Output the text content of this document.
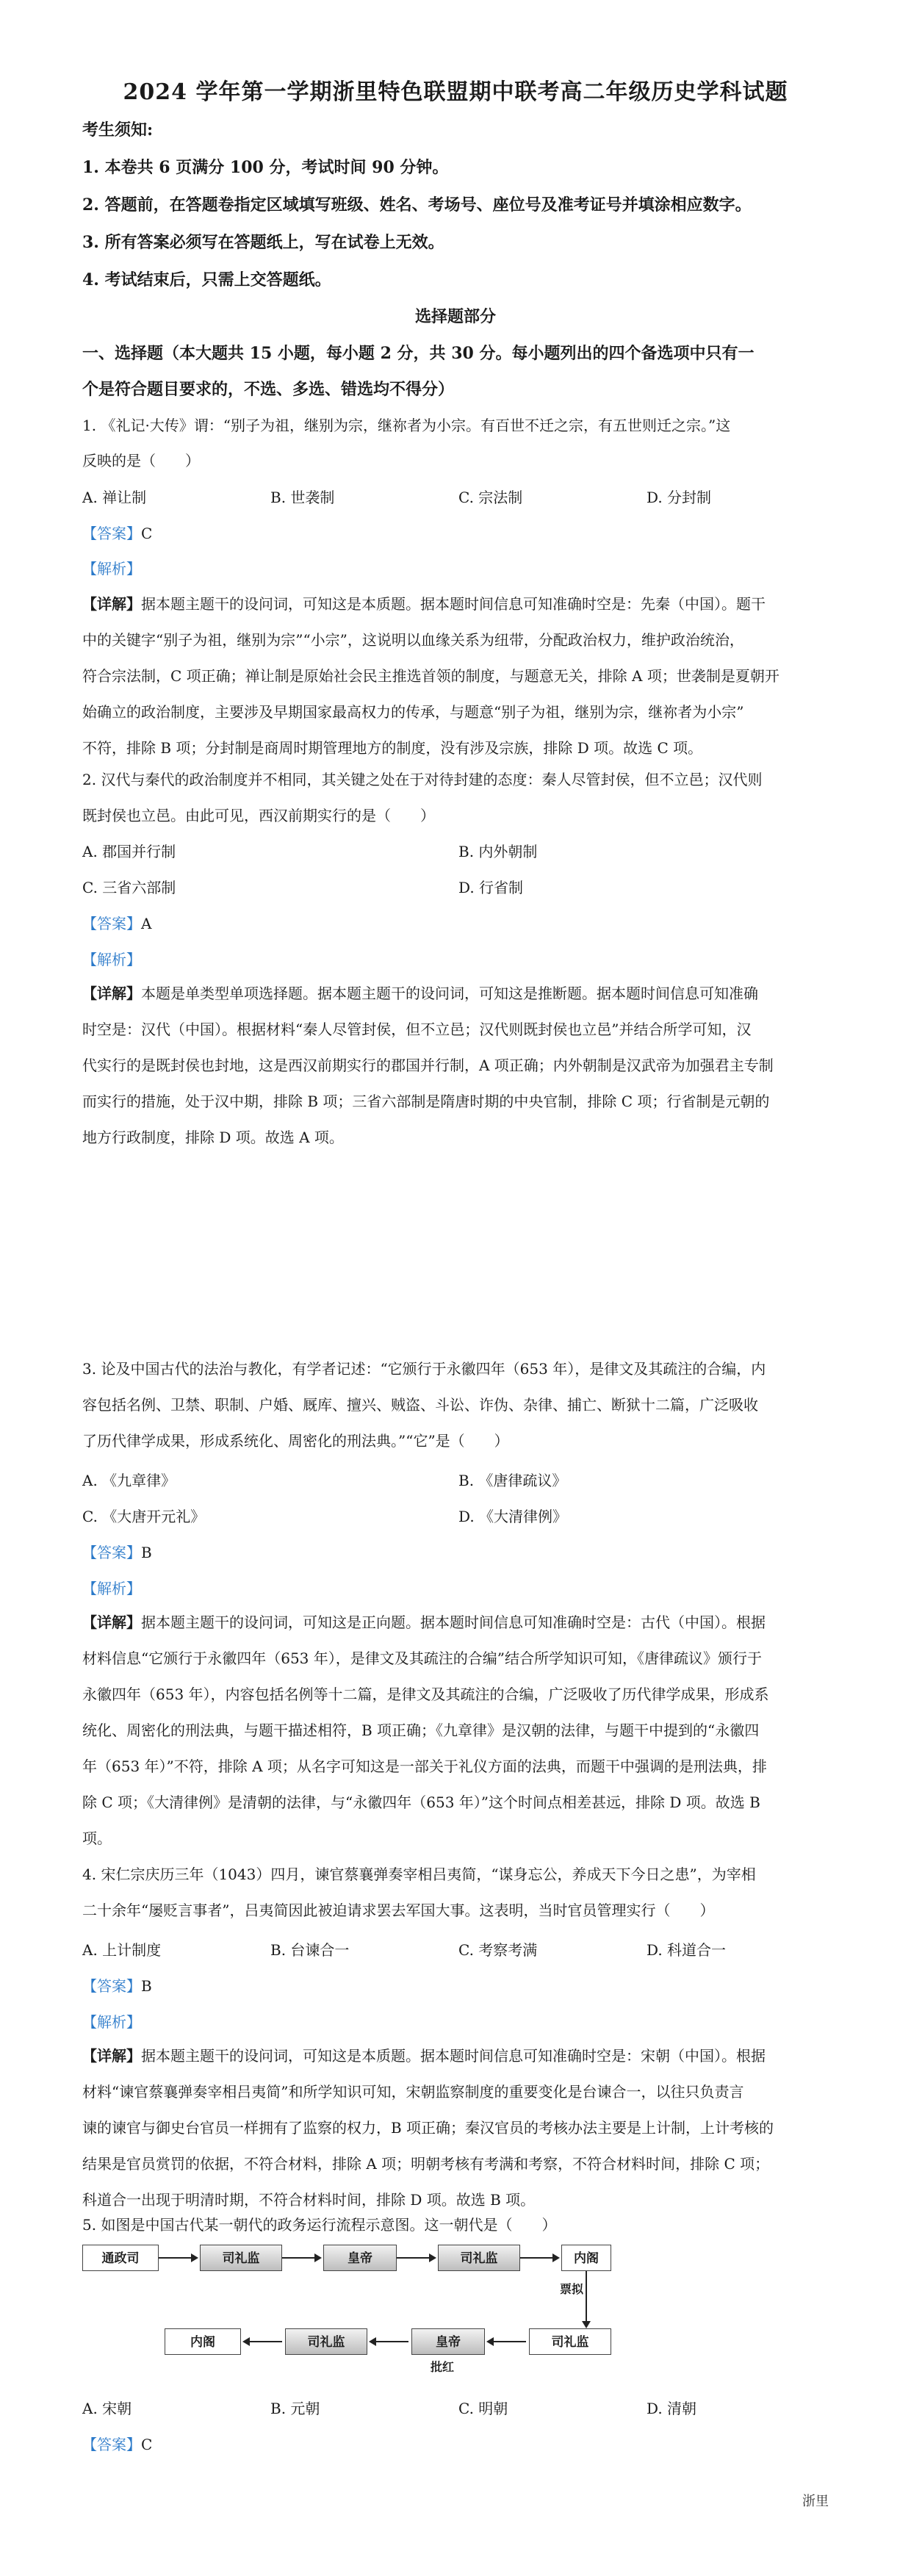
2024 学年第一学期浙里特色联盟期中联考高二年级历史学科试题
考生须知:
1. 本卷共 6 页满分 100 分，考试时间 90 分钟。
2. 答题前，在答题卷指定区域填写班级、姓名、考场号、座位号及准考证号并填涂相应数字。
3. 所有答案必须写在答题纸上，写在试卷上无效。
4. 考试结束后，只需上交答题纸。
选择题部分
一、选择题（本大题共 15 小题，每小题 2 分，共 30 分。每小题列出的四个备选项中只有一
个是符合题目要求的，不选、多选、错选均不得分）
1. 《礼记·大传》谓：“别子为祖，继别为宗，继祢者为小宗。有百世不迁之宗，有五世则迁之宗。”这
反映的是（　　）
A. 禅让制	B. 世袭制	C. 宗法制	D. 分封制
【答案】C
【解析】

【详解】据本题主题干的设问词，可知这是本质题。据本题时间信息可知准确时空是：先秦（中国）。题干

中的关键字“别子为祖，继别为宗”“小宗”，这说明以血缘关系为纽带，分配政治权力，维护政治统治，

符合宗法制，C 项正确；禅让制是原始社会民主推选首领的制度，与题意无关，排除 A 项；世袭制是夏朝开

始确立的政治制度，主要涉及早期国家最高权力的传承，与题意“别子为祖，继别为宗，继祢者为小宗”

不符，排除 B 项；分封制是商周时期管理地方的制度，没有涉及宗族，排除 D 项。故选 C 项。

2. 汉代与秦代的政治制度并不相同，其关键之处在于对待封建的态度：秦人尽管封侯，但不立邑；汉代则
既封侯也立邑。由此可见，西汉前期实行的是（　　）
A. 郡国并行制	B. 内外朝制
C. 三省六部制	D. 行省制
【答案】A
【解析】

【详解】本题是单类型单项选择题。据本题主题干的设问词，可知这是推断题。据本题时间信息可知准确

时空是：汉代（中国）。根据材料“秦人尽管封侯，但不立邑；汉代则既封侯也立邑”并结合所学可知，汉

代实行的是既封侯也封地，这是西汉前期实行的郡国并行制，A 项正确；内外朝制是汉武帝为加强君主专制

而实行的措施，处于汉中期，排除 B 项；三省六部制是隋唐时期的中央官制，排除 C 项；行省制是元朝的

地方行政制度，排除 D 项。故选 A 项。

3. 论及中国古代的法治与教化，有学者记述：“它颁行于永徽四年（653 年），是律文及其疏注的合编，内

容包括名例、卫禁、职制、户婚、厩库、擅兴、贼盗、斗讼、诈伪、杂律、捕亡、断狱十二篇，广泛吸收

了历代律学成果，形成系统化、周密化的刑法典。”“它”是（　　）

A. 《九章律》	B. 《唐律疏议》
C. 《大唐开元礼》	D. 《大清律例》
【答案】B
【解析】

【详解】据本题主题干的设问词，可知这是正向题。据本题时间信息可知准确时空是：古代（中国）。根据

材料信息“它颁行于永徽四年（653 年），是律文及其疏注的合编”结合所学知识可知，《唐律疏议》颁行于

永徽四年（653 年），内容包括名例等十二篇，是律文及其疏注的合编，广泛吸收了历代律学成果，形成系

统化、周密化的刑法典，与题干描述相符，B 项正确；《九章律》是汉朝的法律，与题干中提到的“永徽四

年（653 年）”不符，排除 A 项；从名字可知这是一部关于礼仪方面的法典，而题干中强调的是刑法典，排

除 C 项；《大清律例》是清朝的法律，与“永徽四年（653 年）”这个时间点相差甚远，排除 D 项。故选 B

项。

4. 宋仁宗庆历三年（1043）四月，谏官蔡襄弹奏宰相吕夷简，“谋身忘公，养成天下今日之患”，为宰相

二十余年“屡贬言事者”，吕夷简因此被迫请求罢去军国大事。这表明，当时官员管理实行（　　）

A. 上计制度	B. 台谏合一	C. 考察考满	D. 科道合一
【答案】B
【解析】

【详解】据本题主题干的设问词，可知这是本质题。据本题时间信息可知准确时空是：宋朝（中国）。根据

材料“谏官蔡襄弹奏宰相吕夷简”和所学知识可知，宋朝监察制度的重要变化是台谏合一，以往只负责言

谏的谏官与御史台官员一样拥有了监察的权力，B 项正确；秦汉官员的考核办法主要是上计制，上计考核的

结果是官员赏罚的依据，不符合材料，排除 A 项；明朝考核有考满和考察，不符合材料时间，排除 C 项；

科道合一出现于明清时期，不符合材料时间，排除 D 项。故选 B 项。

5. 如图是中国古代某一朝代的政务运行流程示意图。这一朝代是（　　）
通政司	司礼监	皇帝	司礼监	内阁
票拟
内阁	司礼监	皇帝	司礼监
批红
A. 宋朝	B. 元朝	C. 明朝	D. 清朝
【答案】C
浙里
